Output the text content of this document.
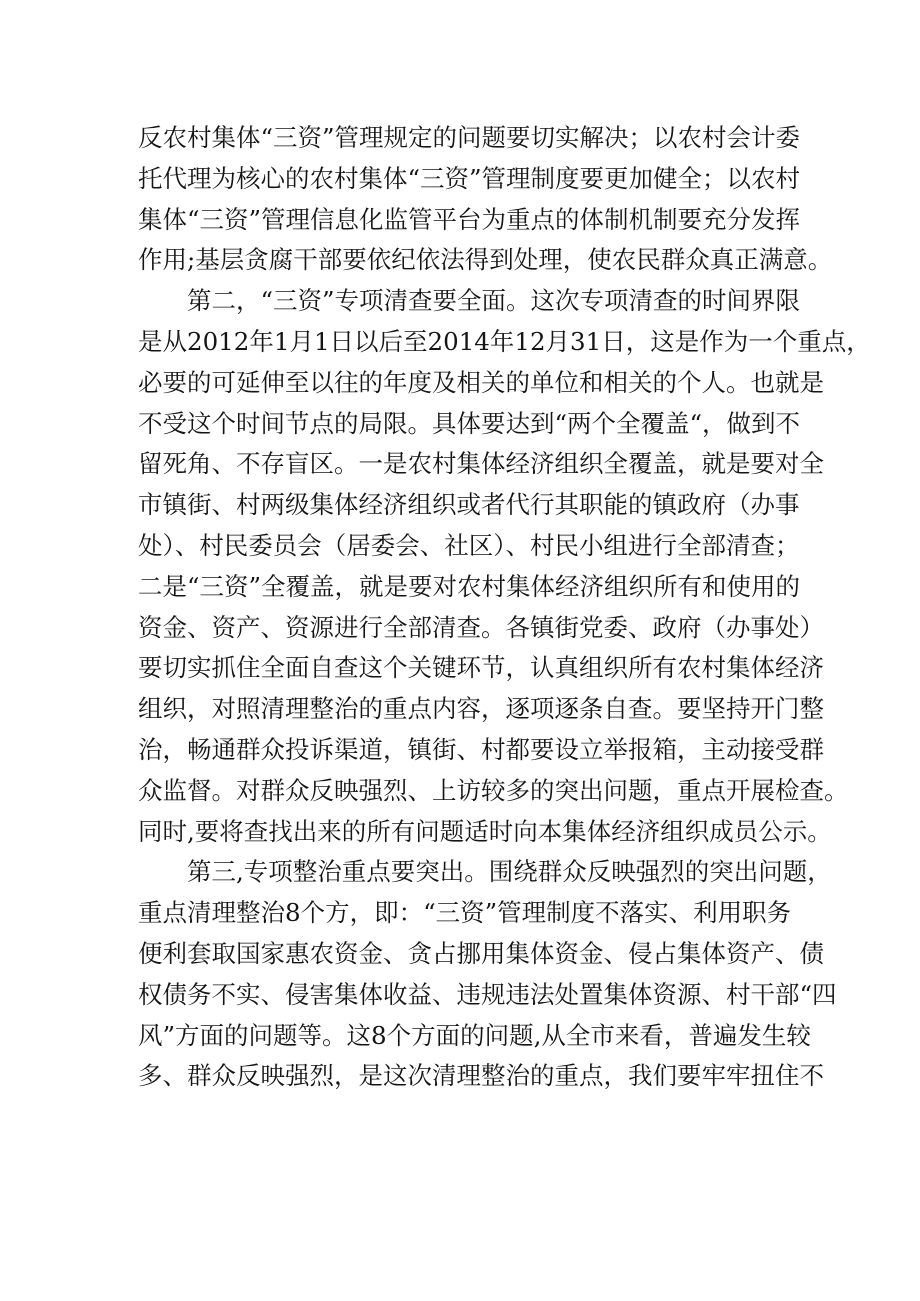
反农村集体“三资”管理规定的问题要切实解决；以农村会计委
托代理为核心的农村集体“三资”管理制度要更加健全；以农村
集体“三资”管理信息化监管平台为重点的体制机制要充分发挥
作用;基层贪腐干部要依纪依法得到处理，使农民群众真正满意。
　　第二，“三资”专项清查要全面。这次专项清查的时间界限
是从2012年1月1日以后至2014年12月31日，这是作为一个重点，
必要的可延伸至以往的年度及相关的单位和相关的个人。也就是
不受这个时间节点的局限。具体要达到“两个全覆盖“，做到不
留死角、不存盲区。一是农村集体经济组织全覆盖，就是要对全
市镇街、村两级集体经济组织或者代行其职能的镇政府（办事
处）、村民委员会（居委会、社区）、村民小组进行全部清查；
二是“三资”全覆盖，就是要对农村集体经济组织所有和使用的
资金、资产、资源进行全部清查。各镇街党委、政府（办事处）
要切实抓住全面自查这个关键环节，认真组织所有农村集体经济
组织，对照清理整治的重点内容，逐项逐条自查。要坚持开门整
治，畅通群众投诉渠道，镇街、村都要设立举报箱，主动接受群
众监督。对群众反映强烈、上访较多的突出问题，重点开展检查。
同时,要将查找出来的所有问题适时向本集体经济组织成员公示。
　　第三,专项整治重点要突出。围绕群众反映强烈的突出问题，
重点清理整治8个方，即：“三资”管理制度不落实、利用职务
便利套取国家惠农资金、贪占挪用集体资金、侵占集体资产、债
权债务不实、侵害集体收益、违规违法处置集体资源、村干部“四
风”方面的问题等。这8个方面的问题,从全市来看，普遍发生较
多、群众反映强烈，是这次清理整治的重点，我们要牢牢扭住不
